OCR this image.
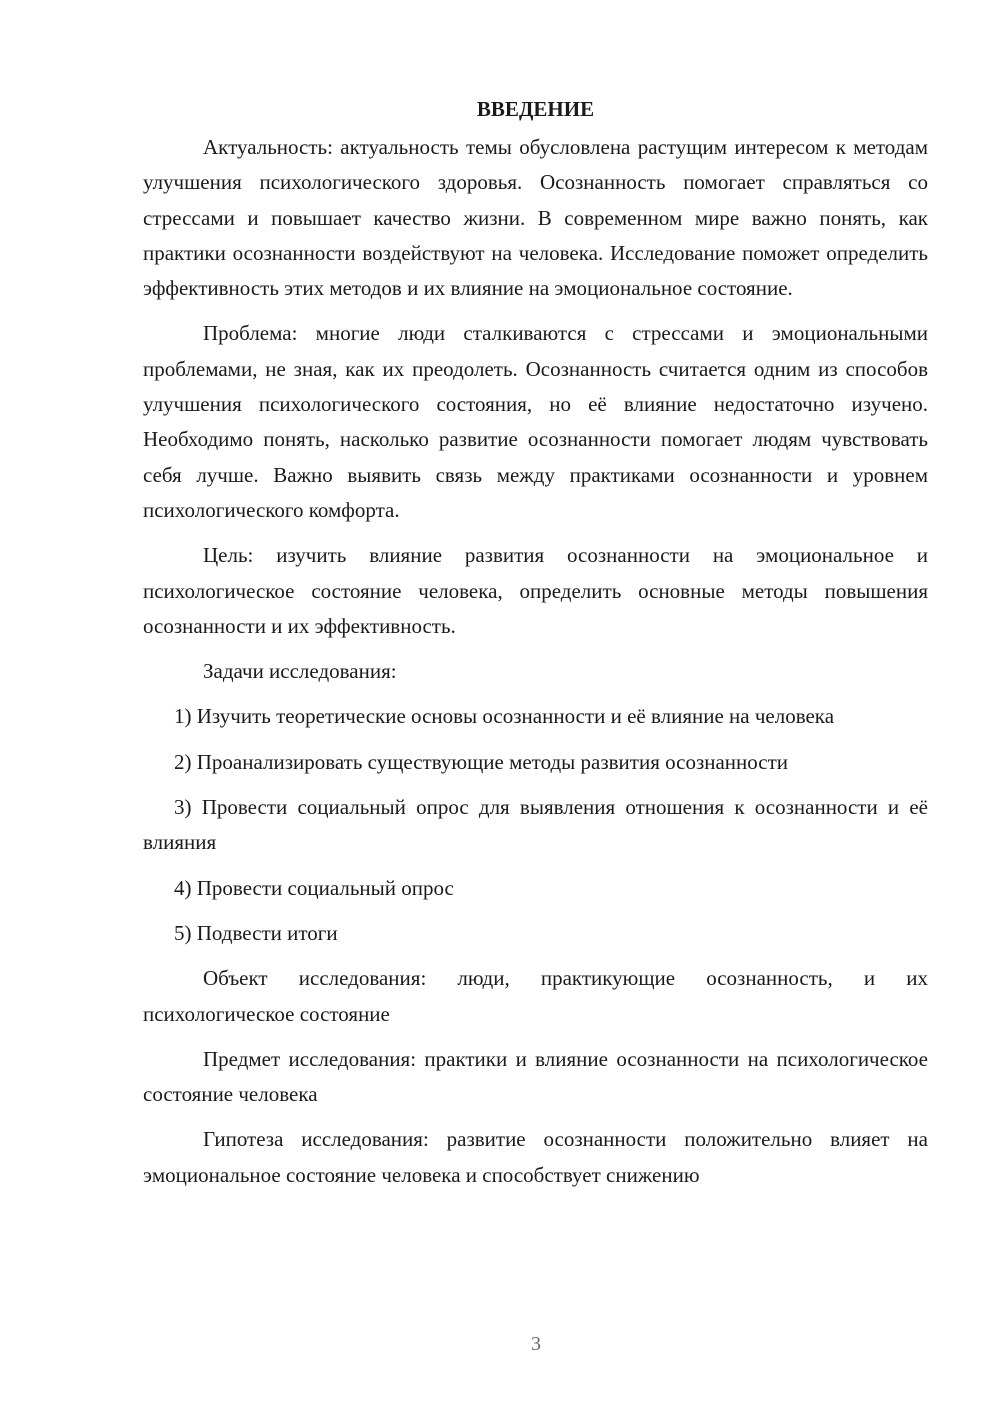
ВВЕДЕНИЕ

Актуальность: актуальность темы обусловлена растущим интересом к методам улучшения психологического здоровья. Осознанность помогает справляться со стрессами и повышает качество жизни. В современном мире важно понять, как практики осознанности воздействуют на человека. Исследование поможет определить эффективность этих методов и их влияние на эмоциональное состояние.

Проблема: многие люди сталкиваются с стрессами и эмоциональными проблемами, не зная, как их преодолеть. Осознанность считается одним из способов улучшения психологического состояния, но её влияние недостаточно изучено. Необходимо понять, насколько развитие осознанности помогает людям чувствовать себя лучше. Важно выявить связь между практиками осознанности и уровнем психологического комфорта.

Цель: изучить влияние развития осознанности на эмоциональное и психологическое состояние человека, определить основные методы повышения осознанности и их эффективность.

Задачи исследования:

1) Изучить теоретические основы осознанности и её влияние на человека

2) Проанализировать существующие методы развития осознанности

3) Провести социальный опрос для выявления отношения к осознанности и её влияния

4) Провести социальный опрос

5) Подвести итоги

Объект исследования: люди, практикующие осознанность, и их психологическое состояние

Предмет исследования: практики и влияние осознанности на психологическое состояние человека

Гипотеза исследования: развитие осознанности положительно влияет на эмоциональное состояние человека и способствует снижению

3
